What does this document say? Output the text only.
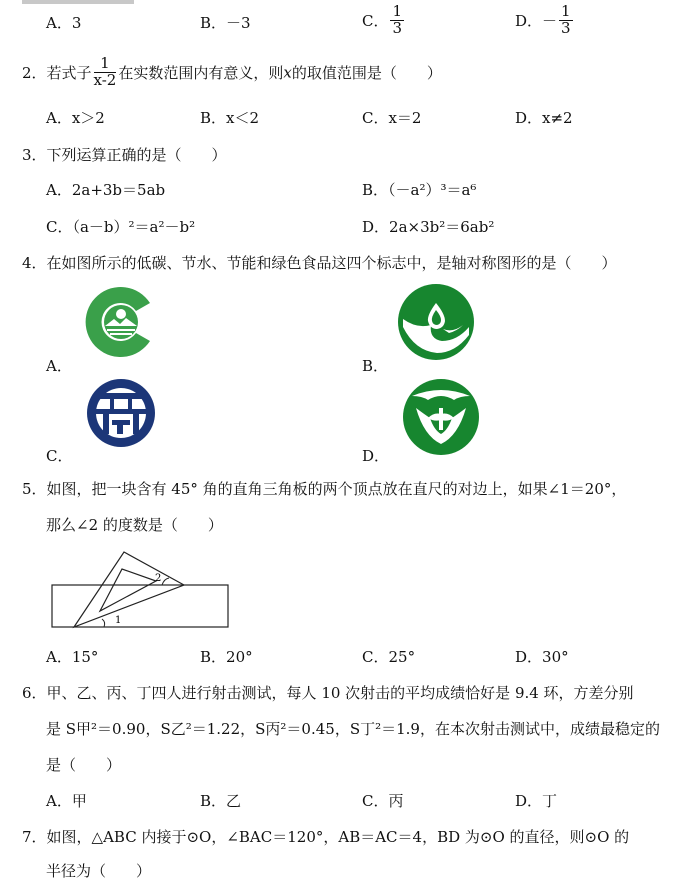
A．3	B．－3	C． $\frac{1}{3}$	D．－ $\frac{1}{3}$
2．若式子 $\frac{1}{x-2}$ 在实数范围内有意义，则x的取值范围是（　　）
A．x＞2	B．x＜2	C．x＝2	D．x≠2
3．下列运算正确的是（　　）
A．2a+3b＝5ab	B．（－a²）³＝a⁶
C．（a－b）²＝a²－b²	D．2a×3b²＝6ab²
4．在如图所示的低碳、节水、节能和绿色食品这四个标志中，是轴对称图形的是（　　）
A．	B．
C．	D．
5．如图，把一块含有 45° 角的直角三角板的两个顶点放在直尺的对边上，如果∠1＝20°，
那么∠2 的度数是（　　）
1
2
A．15°	B．20°	C．25°	D．30°
6．甲、乙、丙、丁四人进行射击测试，每人 10 次射击的平均成绩恰好是 9.4 环，方差分别
是 S甲²＝0.90，S乙²＝1.22，S丙²＝0.45，S丁²＝1.9，在本次射击测试中，成绩最稳定的
是（　　）
A．甲	B．乙	C．丙	D．丁
7．如图，△ABC 内接于⊙O，∠BAC＝120°，AB＝AC＝4，BD 为⊙O 的直径，则⊙O 的
半径为（　　）
